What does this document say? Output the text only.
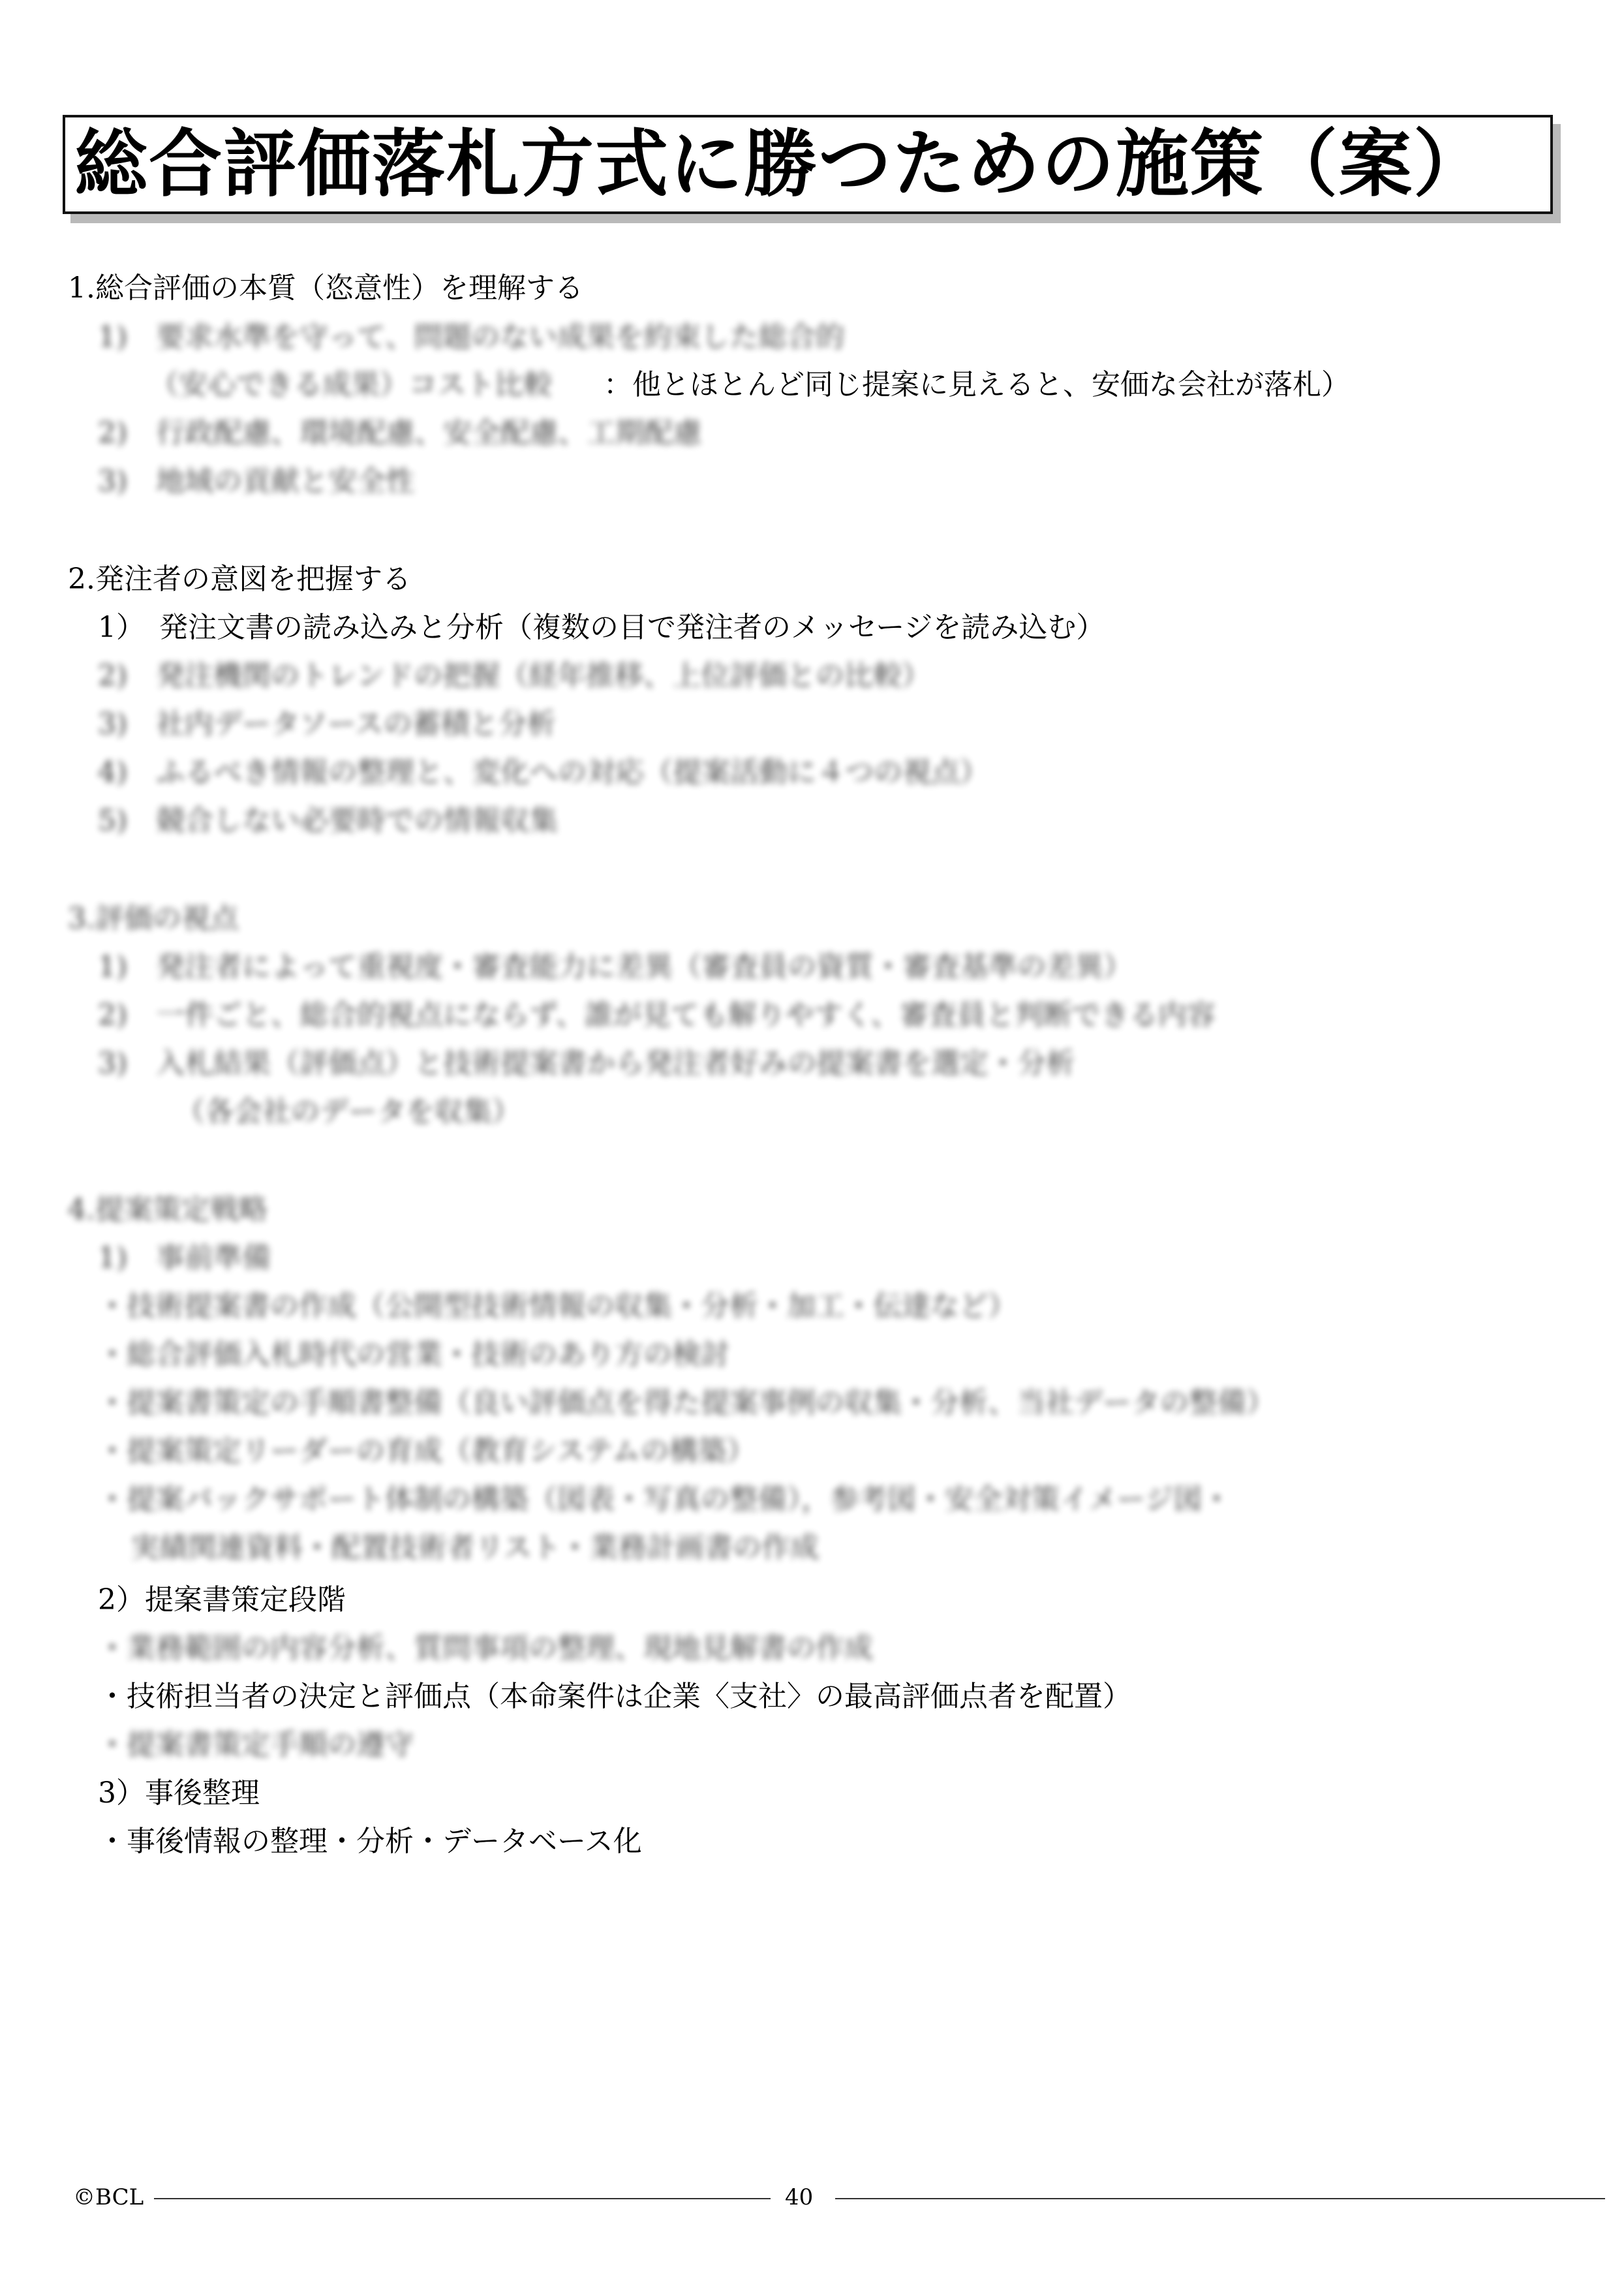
総合評価落札方式に勝つための施策（案）
1.総合評価の本質（恣意性）を理解する
1)　要求水準を守って、問題のない成果を約束した総合的
（安心できる成果）コスト比較 ：他とほとんど同じ提案に見えると、安価な会社が落札）
2)　行政配慮、環境配慮、安全配慮、工期配慮
3)　地域の貢献と安全性
2.発注者の意図を把握する
1）　発注文書の読み込みと分析（複数の目で発注者のメッセージを読み込む）
2)　発注機関のトレンドの把握（経年推移、上位評価との比較）
3)　社内データソースの蓄積と分析
4)　ふるべき情報の整理と、変化への対応（提案活動に４つの視点）
5)　競合しない必要時での情報収集
3.評価の視点
1)　発注者によって重視度・審査能力に差異（審査員の資質・審査基準の差異）
2)　一件ごと、総合的視点にならず、誰が見ても解りやすく、審査員と判断できる内容
3)　入札結果（評価点）と技術提案書から発注者好みの提案書を選定・分析
（各会社のデータを収集）
4.提案策定戦略
1)　事前準備
・技術提案書の作成（公開型技術情報の収集・分析・加工・伝達など）
・総合評価入札時代の営業・技術のあり方の検討
・提案書策定の手順書整備（良い評価点を得た提案事例の収集・分析、当社データの整備）
・提案策定リーダーの育成（教育システムの構築）
・提案バックサポート体制の構築（図表・写真の整備），参考図・安全対策イメージ図・
実績関連資料・配置技術者リスト・業務計画書の作成
2）提案書策定段階
・業務範囲の内容分析、質問事項の整理、現地見解書の作成
・技術担当者の決定と評価点（本命案件は企業〈支社〉の最高評価点者を配置）
・提案書策定手順の遵守
3）事後整理
・事後情報の整理・分析・データベース化
©BCL	40
